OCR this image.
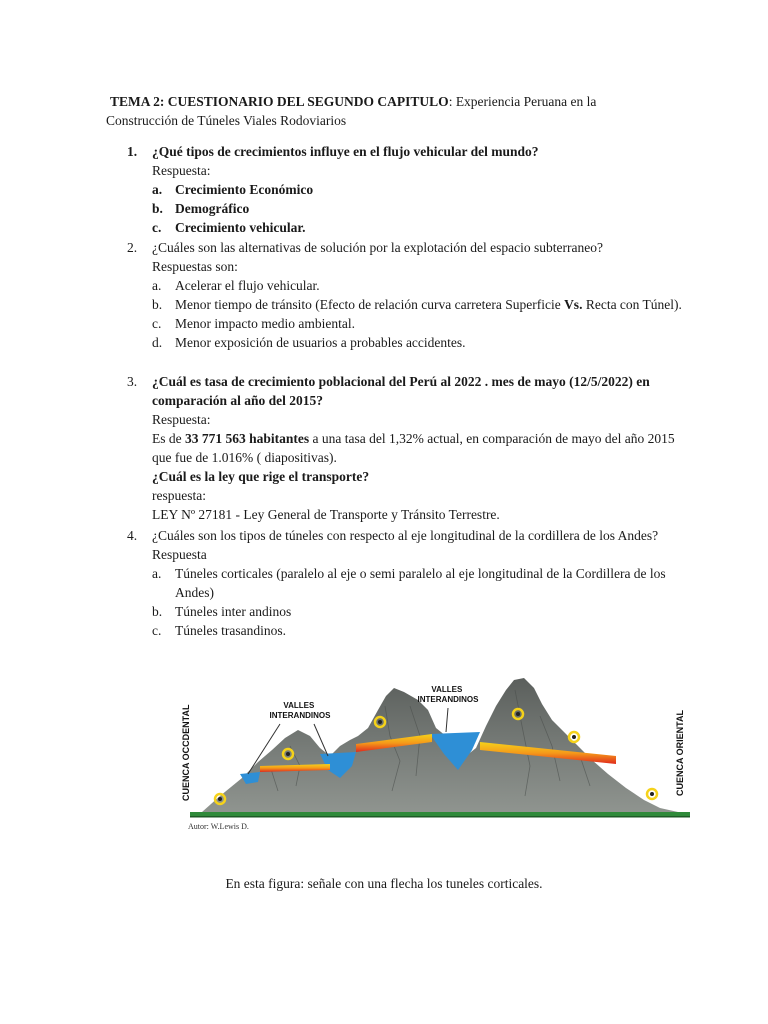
TEMA 2: CUESTIONARIO DEL SEGUNDO CAPITULO: Experiencia Peruana en la
Construcción de Túneles Viales Rodoviarios
1. ¿Qué tipos de crecimientos influye en el flujo vehicular del mundo?
Respuesta:
a. Crecimiento Económico
b. Demográfico
c. Crecimiento vehicular.
2. ¿Cuáles son las alternativas de solución por la explotación del espacio subterraneo?
Respuestas son:
a. Acelerar el flujo vehicular.
b. Menor tiempo de tránsito (Efecto de relación curva carretera Superficie Vs. Recta con Túnel).
c. Menor impacto medio ambiental.
d. Menor exposición de usuarios a probables accidentes.
3. ¿Cuál es tasa de crecimiento poblacional del Perú al 2022 . mes de mayo (12/5/2022) en comparación al año del 2015?
Respuesta:
Es de 33 771 563 habitantes a una tasa del 1,32% actual, en comparación de mayo del año 2015 que fue de 1.016% ( diapositivas).
¿Cuál es la ley que rige el transporte?
respuesta:
LEY Nº 27181 - Ley General de Transporte y Tránsito Terrestre.
4. ¿Cuáles son los tipos de túneles con respecto al eje longitudinal de la cordillera de los Andes?
Respuesta
a. Túneles corticales (paralelo al eje o semi paralelo al eje longitudinal de la Cordillera de los Andes)
b. Túneles inter andinos
c. Túneles trasandinos.
VALLES INTERANDINOS
VALLES INTERANDINOS
CUENCA OCCDENTAL	CUENCA ORIENTAL
Autor: W.Lewis D.
En esta figura: señale con una flecha los tuneles corticales.
